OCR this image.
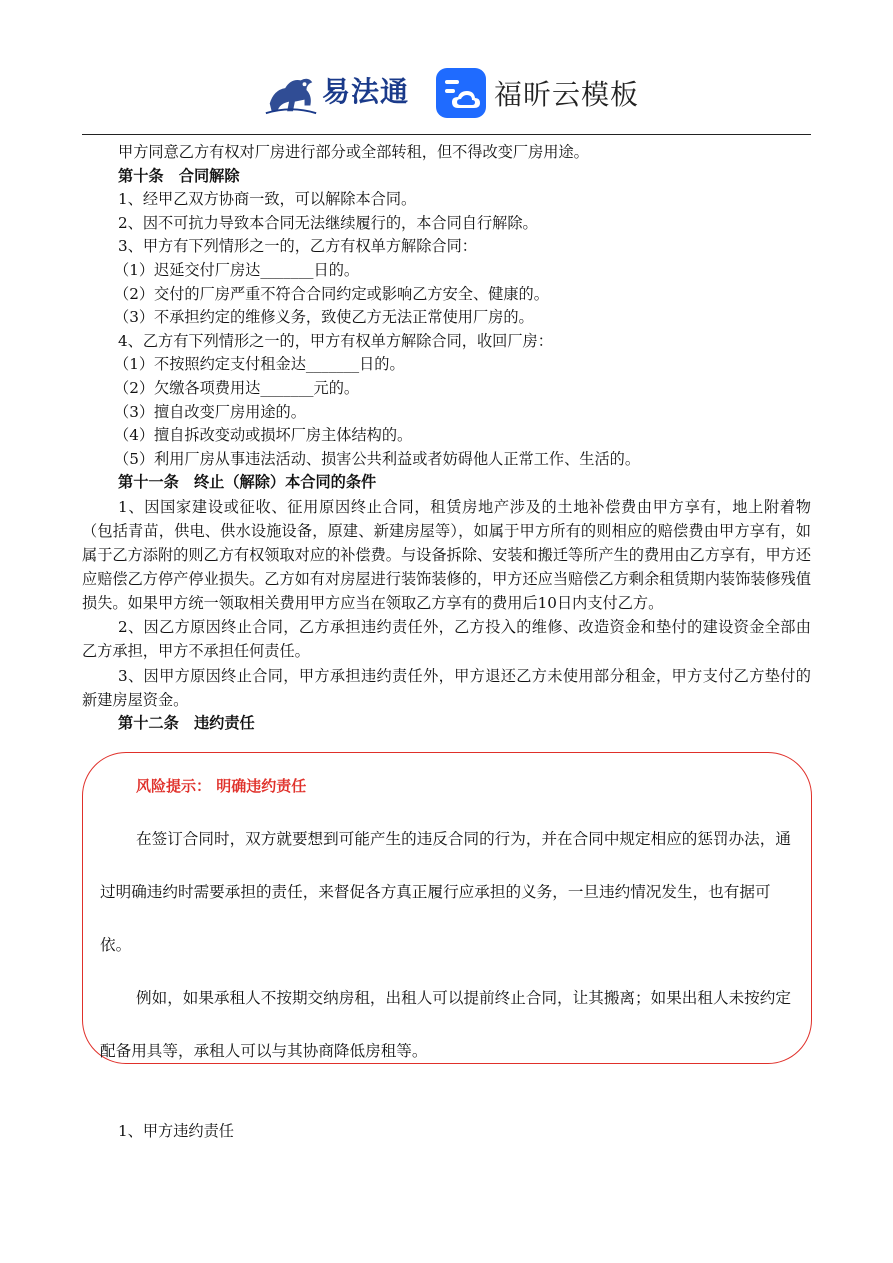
易法通	福昕云模板
甲方同意乙方有权对厂房进行部分或全部转租，但不得改变厂房用途。
第十条　合同解除
1、经甲乙双方协商一致，可以解除本合同。
2、因不可抗力导致本合同无法继续履行的，本合同自行解除。
3、甲方有下列情形之一的，乙方有权单方解除合同：
（1）迟延交付厂房达_______日的。
（2）交付的厂房严重不符合合同约定或影响乙方安全、健康的。
（3）不承担约定的维修义务，致使乙方无法正常使用厂房的。
4、乙方有下列情形之一的，甲方有权单方解除合同，收回厂房：
（1）不按照约定支付租金达_______日的。
（2）欠缴各项费用达_______元的。
（3）擅自改变厂房用途的。
（4）擅自拆改变动或损坏厂房主体结构的。
（5）利用厂房从事违法活动、损害公共利益或者妨碍他人正常工作、生活的。
第十一条　终止（解除）本合同的条件
1、因国家建设或征收、征用原因终止合同，租赁房地产涉及的土地补偿费由甲方享有，地上附着物（包括青苗，供电、供水设施设备，原建、新建房屋等），如属于甲方所有的则相应的赔偿费由甲方享有，如属于乙方添附的则乙方有权领取对应的补偿费。与设备拆除、安装和搬迁等所产生的费用由乙方享有，甲方还应赔偿乙方停产停业损失。乙方如有对房屋进行装饰装修的，甲方还应当赔偿乙方剩余租赁期内装饰装修残值损失。如果甲方统一领取相关费用甲方应当在领取乙方享有的费用后10日内支付乙方。
2、因乙方原因终止合同，乙方承担违约责任外，乙方投入的维修、改造资金和垫付的建设资金全部由乙方承担，甲方不承担任何责任。
3、因甲方原因终止合同，甲方承担违约责任外，甲方退还乙方未使用部分租金，甲方支付乙方垫付的新建房屋资金。
第十二条　违约责任
风险提示： 明确违约责任

在签订合同时，双方就要想到可能产生的违反合同的行为，并在合同中规定相应的惩罚办法，通过明确违约时需要承担的责任，来督促各方真正履行应承担的义务，一旦违约情况发生，也有据可依。

例如，如果承租人不按期交纳房租，出租人可以提前终止合同，让其搬离；如果出租人未按约定配备用具等，承租人可以与其协商降低房租等。

1、甲方违约责任
